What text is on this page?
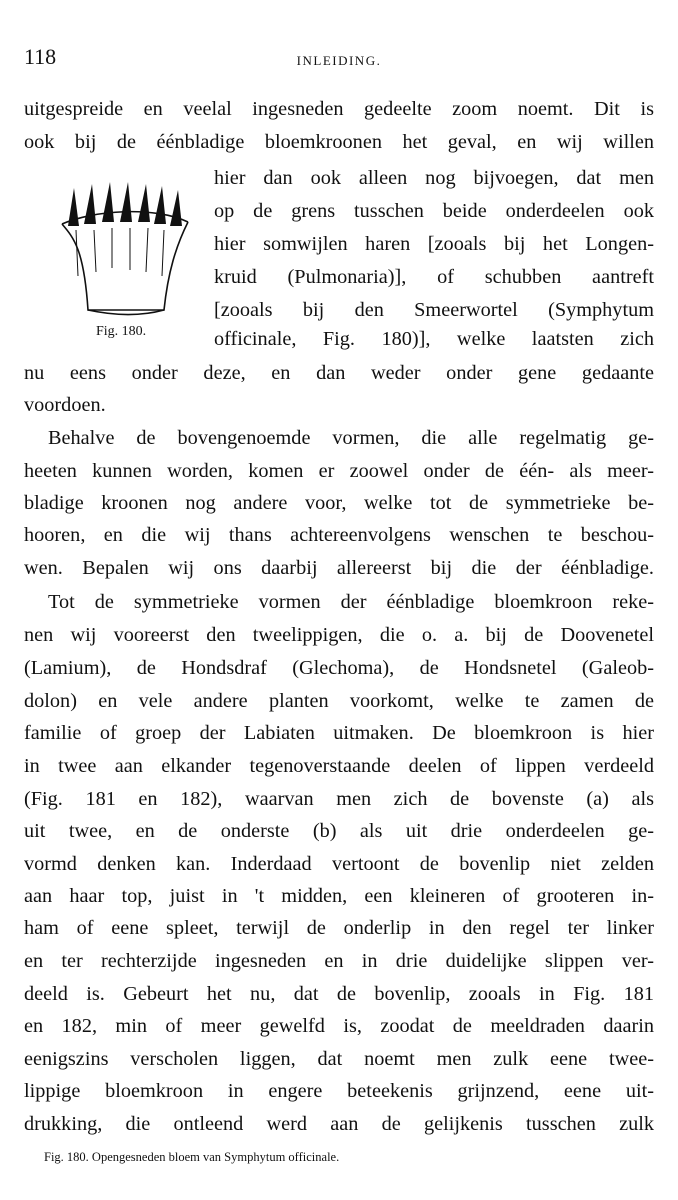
118	INLEIDING.
uitgespreide en veelal ingesneden gedeelte zoom noemt. Dit is
ook bij de éénbladige bloemkroonen het geval, en wij willen
hier dan ook alleen nog bijvoegen, dat men
op de grens tusschen beide onderdeelen ook
hier somwijlen haren [zooals bij het Longen-
kruid (Pulmonaria)], of schubben aantreft
[zooals bij den Smeerwortel (Symphytum
officinale, Fig. 180)], welke laatsten zich
nu eens onder deze, en dan weder onder gene gedaante
voordoen.
Behalve de bovengenoemde vormen, die alle regelmatig ge-
heeten kunnen worden, komen er zoowel onder de één- als meer-
bladige kroonen nog andere voor, welke tot de symmetrieke be-
hooren, en die wij thans achtereenvolgens wenschen te beschou-
wen. Bepalen wij ons daarbij allereerst bij die der éénbladige.
Tot de symmetrieke vormen der éénbladige bloemkroon reke-
nen wij vooreerst den tweelippigen, die o. a. bij de Doovenetel
(Lamium), de Hondsdraf (Glechoma), de Hondsnetel (Galeob-
dolon) en vele andere planten voorkomt, welke te zamen de
familie of groep der Labiaten uitmaken. De bloemkroon is hier
in twee aan elkander tegenoverstaande deelen of lippen verdeeld
(Fig. 181 en 182), waarvan men zich de bovenste (a) als
uit twee, en de onderste (b) als uit drie onderdeelen ge-
vormd denken kan. Inderdaad vertoont de bovenlip niet zelden
aan haar top, juist in 't midden, een kleineren of grooteren in-
ham of eene spleet, terwijl de onderlip in den regel ter linker
en ter rechterzijde ingesneden en in drie duidelijke slippen ver-
deeld is. Gebeurt het nu, dat de bovenlip, zooals in Fig. 181
en 182, min of meer gewelfd is, zoodat de meeldraden daarin
eenigszins verscholen liggen, dat noemt men zulk eene twee-
lippige bloemkroon in engere beteekenis grijnzend, eene uit-
drukking, die ontleend werd aan de gelijkenis tusschen zulk
Fig. 180.
Fig. 180. Opengesneden bloem van Symphytum officinale.
